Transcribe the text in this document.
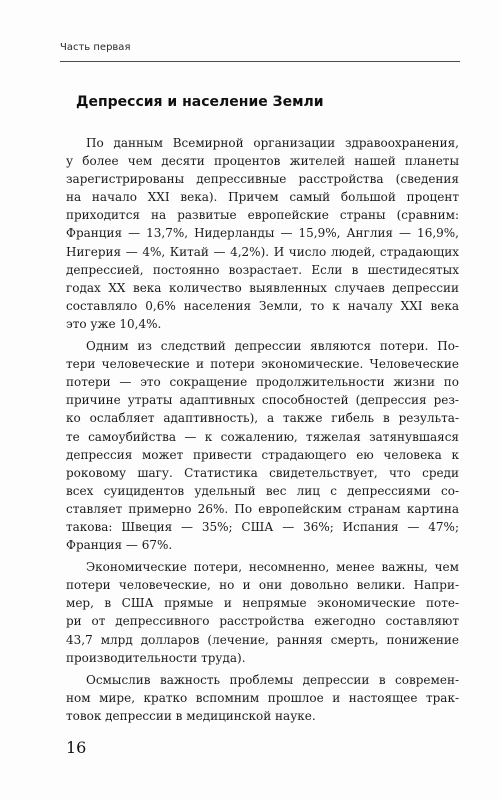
Часть первая
Депрессия и население Земли
По данным Всемирной организации здравоохранения,
у более чем десяти процентов жителей нашей планеты
зарегистрированы депрессивные расстройства (сведения
на начало XXI века). Причем самый большой процент
приходится на развитые европейские страны (сравним:
Франция — 13,7%, Нидерланды — 15,9%, Англия — 16,9%,
Нигерия — 4%, Китай — 4,2%). И число людей, страдающих
депрессией, постоянно возрастает. Если в шестидесятых
годах XX века количество выявленных случаев депрессии
составляло 0,6% населения Земли, то к началу XXI века
это уже 10,4%.
Одним из следствий депрессии являются потери. По-
тери человеческие и потери экономические. Человеческие
потери — это сокращение продолжительности жизни по
причине утраты адаптивных способностей (депрессия рез-
ко ослабляет адаптивность), а также гибель в результа-
те самоубийства — к сожалению, тяжелая затянувшаяся
депрессия может привести страдающего ею человека к
роковому шагу. Статистика свидетельствует, что среди
всех суицидентов удельный вес лиц с депрессиями со-
ставляет примерно 26%. По европейским странам картина
такова: Швеция — 35%; США — 36%; Испания — 47%;
Франция — 67%.
Экономические потери, несомненно, менее важны, чем
потери человеческие, но и они довольно велики. Напри-
мер, в США прямые и непрямые экономические поте-
ри от депрессивного расстройства ежегодно составляют
43,7 млрд долларов (лечение, ранняя смерть, понижение
производительности труда).
Осмыслив важность проблемы депрессии в современ-
ном мире, кратко вспомним прошлое и настоящее трак-
товок депрессии в медицинской науке.
16
